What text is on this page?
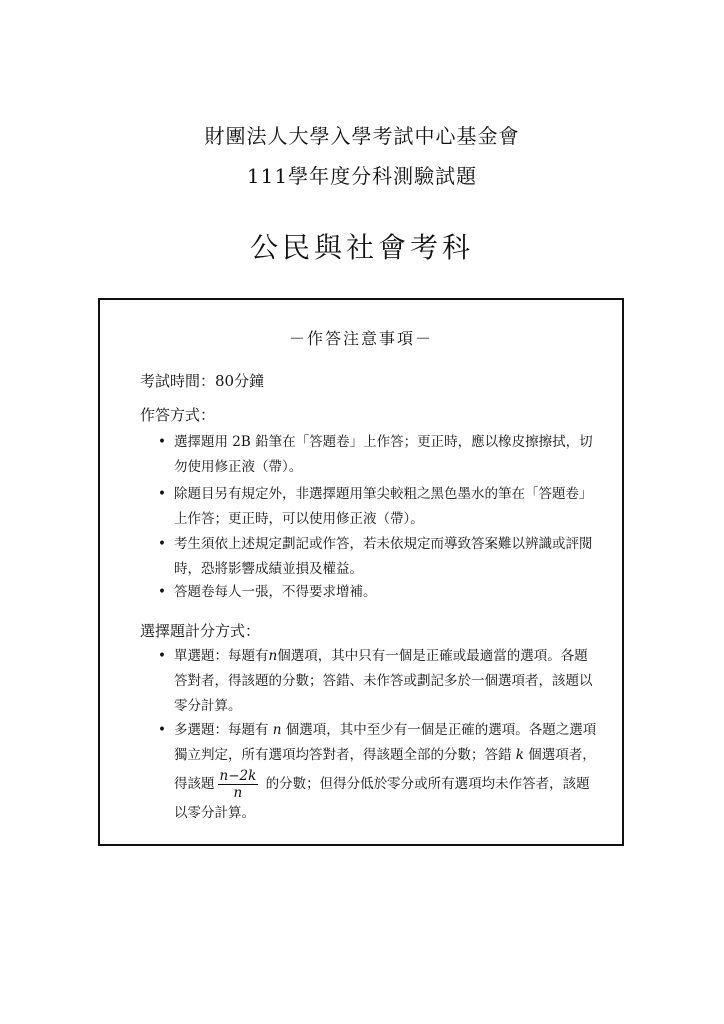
財團法人大學入學考試中心基金會
111學年度分科測驗試題
公民與社會考科
－作答注意事項－
考試時間：80分鐘
作答方式：
• 選擇題用 2B 鉛筆在「答題卷」上作答；更正時，應以橡皮擦擦拭，切勿使用修正液（帶）。
• 除題目另有規定外，非選擇題用筆尖較粗之黑色墨水的筆在「答題卷」上作答；更正時，可以使用修正液（帶）。
• 考生須依上述規定劃記或作答，若未依規定而導致答案難以辨識或評閱時，恐將影響成績並損及權益。
• 答題卷每人一張，不得要求增補。
選擇題計分方式：
• 單選題：每題有n個選項，其中只有一個是正確或最適當的選項。各題答對者，得該題的分數；答錯、未作答或劃記多於一個選項者，該題以零分計算。
• 多選題：每題有 n 個選項，其中至少有一個是正確的選項。各題之選項獨立判定，所有選項均答對者，得該題全部的分數；答錯 k 個選項者，得該題 $\frac{n-2k}{n}$ 的分數；但得分低於零分或所有選項均未作答者，該題以零分計算。
